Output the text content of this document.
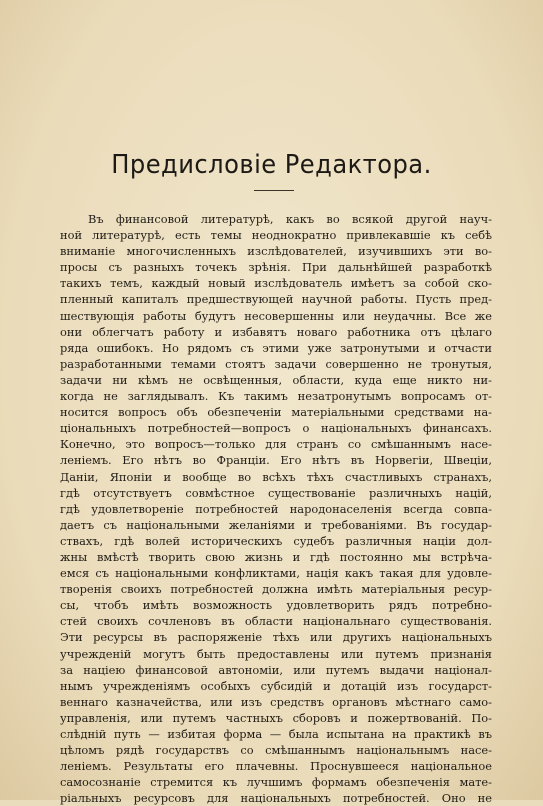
Предисловіе Редактора.
Въ финансовой литературѣ, какъ во всякой другой науч-
ной литературѣ, есть темы неоднократно привлекавшіе къ себѣ
вниманіе многочисленныхъ изслѣдователей, изучившихъ эти во-
просы съ разныхъ точекъ зрѣнія. При дальнѣйшей разработкѣ
такихъ темъ, каждый новый изслѣдователь имѣетъ за собой ско-
пленный капиталъ предшествующей научной работы. Пусть пред-
шествующія работы будутъ несовершенны или неудачны. Все же
они облегчатъ работу и избавятъ новаго работника отъ цѣлаго
ряда ошибокъ. Но рядомъ съ этими уже затронутыми и отчасти
разработанными темами стоятъ задачи совершенно не тронутыя,
задачи ни кѣмъ не освѣщенныя, области, куда еще никто ни-
когда не заглядывалъ. Къ такимъ незатронутымъ вопросамъ от-
носится вопросъ объ обезпеченіи матеріальными средствами на-
ціональныхъ потребностей—вопросъ о національныхъ финансахъ.
Конечно, это вопросъ—только для странъ со смѣшаннымъ насе-
леніемъ. Его нѣтъ во Франціи. Его нѣтъ въ Норвегіи, Швеціи,
Даніи, Японіи и вообще во всѣхъ тѣхъ счастливыхъ странахъ,
гдѣ отсутствуетъ совмѣстное существованіе различныхъ націй,
гдѣ удовлетвореніе потребностей народонаселенія всегда совпа-
даетъ съ національными желаніями и требованіями. Въ государ-
ствахъ, гдѣ волей историческихъ судебъ различныя націи дол-
жны вмѣстѣ творить свою жизнь и гдѣ постоянно мы встрѣча-
емся съ національными конфликтами, нація какъ такая для удовле-
творенія своихъ потребностей должна имѣть матеріальныя ресур-
сы, чтобъ имѣть возможность удовлетворить рядъ потребно-
стей своихъ сочленовъ въ области національнаго существованія.
Эти ресурсы въ распоряженіе тѣхъ или другихъ національныхъ
учрежденій могутъ быть предоставлены или путемъ признанія
за націею финансовой автономіи, или путемъ выдачи націонал-
нымъ учрежденіямъ особыхъ субсидій и дотацій изъ государст-
веннаго казначейства, или изъ средствъ органовъ мѣстнаго само-
управленія, или путемъ частныхъ сборовъ и пожертвованій. По-
слѣдній путь — избитая форма — была испытана на практикѣ въ
цѣломъ рядѣ государствъ со смѣшаннымъ національнымъ насе-
леніемъ. Результаты его плачевны. Проснувшееся національное
самосознаніе стремится къ лучшимъ формамъ обезпеченія мате-
ріальныхъ ресурсовъ для національныхъ потребностей. Оно не
